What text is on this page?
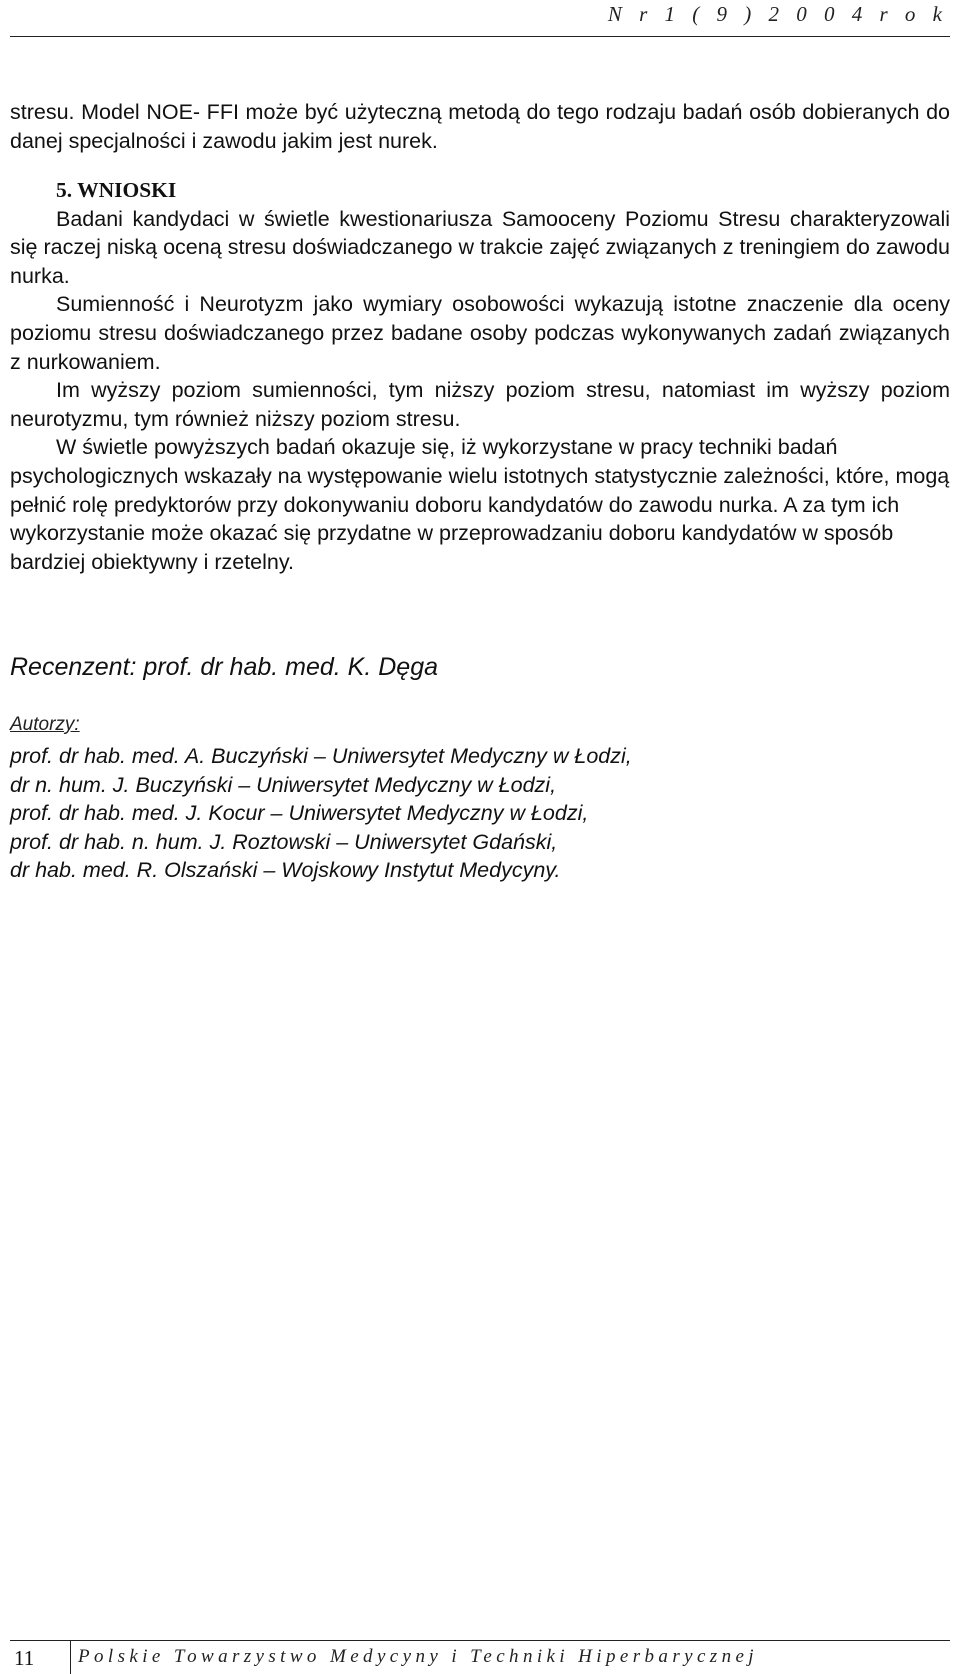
N r 1 ( 9 ) 2 0 0 4 r o k

stresu. Model NOE- FFI może być użyteczną metodą do tego rodzaju badań osób dobieranych do danej specjalności i zawodu jakim jest nurek.

5. WNIOSKI

Badani kandydaci w świetle kwestionariusza Samooceny Poziomu Stresu charakteryzowali się raczej niską oceną stresu doświadczanego w trakcie zajęć związanych z treningiem do zawodu nurka.

Sumienność i Neurotyzm jako wymiary osobowości wykazują istotne znaczenie dla oceny poziomu stresu doświadczanego przez badane osoby podczas wykonywanych zadań związanych z nurkowaniem.

Im wyższy poziom sumienności, tym niższy poziom stresu, natomiast im wyższy poziom neurotyzmu, tym również niższy poziom stresu.

W świetle powyższych badań okazuje się, iż wykorzystane w pracy techniki badań psychologicznych wskazały na występowanie wielu istotnych statystycznie zależności, które, mogą pełnić rolę predyktorów przy dokonywaniu doboru kandydatów do zawodu nurka. A za tym ich wykorzystanie może okazać się przydatne w przeprowadzaniu doboru kandydatów w sposób bardziej obiektywny i rzetelny.

Recenzent: prof. dr hab. med. K. Dęga
Autorzy:
prof. dr hab. med. A. Buczyński – Uniwersytet Medyczny w Łodzi,
dr n. hum. J. Buczyński – Uniwersytet Medyczny w Łodzi,
prof. dr hab. med. J. Kocur – Uniwersytet Medyczny w Łodzi,
prof. dr hab. n. hum. J. Roztowski – Uniwersytet Gdański,
dr hab. med. R. Olszański – Wojskowy Instytut Medycyny.
11 Polskie Towarzystwo Medycyny i Techniki Hiperbarycznej
